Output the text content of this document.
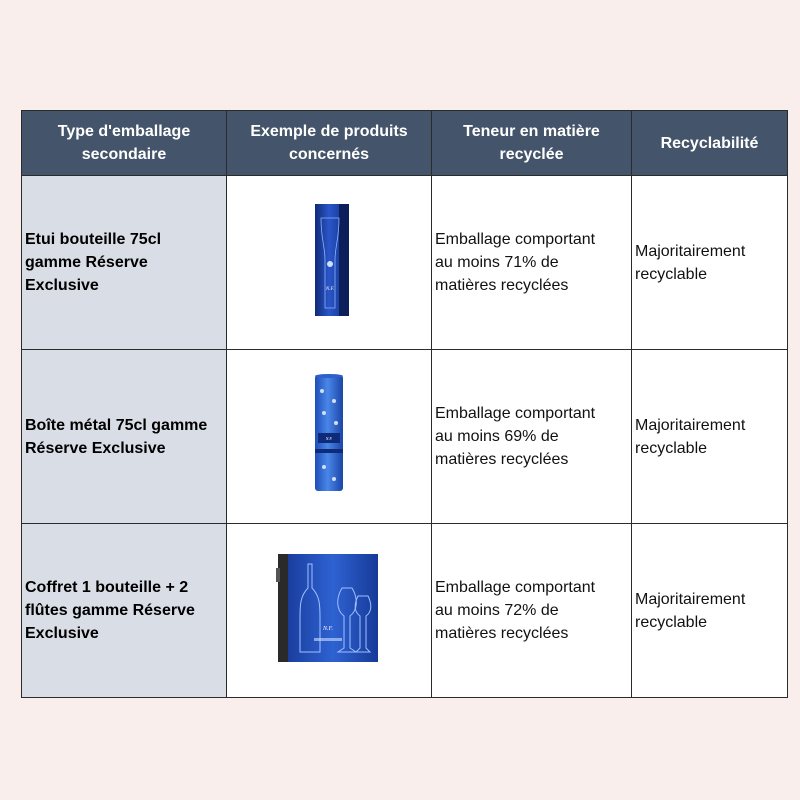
Type d'emballage
secondaire	Exemple de produits
concernés	Teneur en matière
recyclée	Recyclabilité

Etui bouteille 75cl
gamme Réserve
Exclusive	N.F.	Emballage comportant
au moins 71% de
matières recyclées	Majoritairement
recyclable

Boîte métal 75cl gamme
Réserve Exclusive	N.F.	Emballage comportant
au moins 69% de
matières recyclées	Majoritairement
recyclable

Coffret 1 bouteille + 2
flûtes gamme Réserve
Exclusive	N.F.	Emballage comportant
au moins 72% de
matières recyclées	Majoritairement
recyclable
